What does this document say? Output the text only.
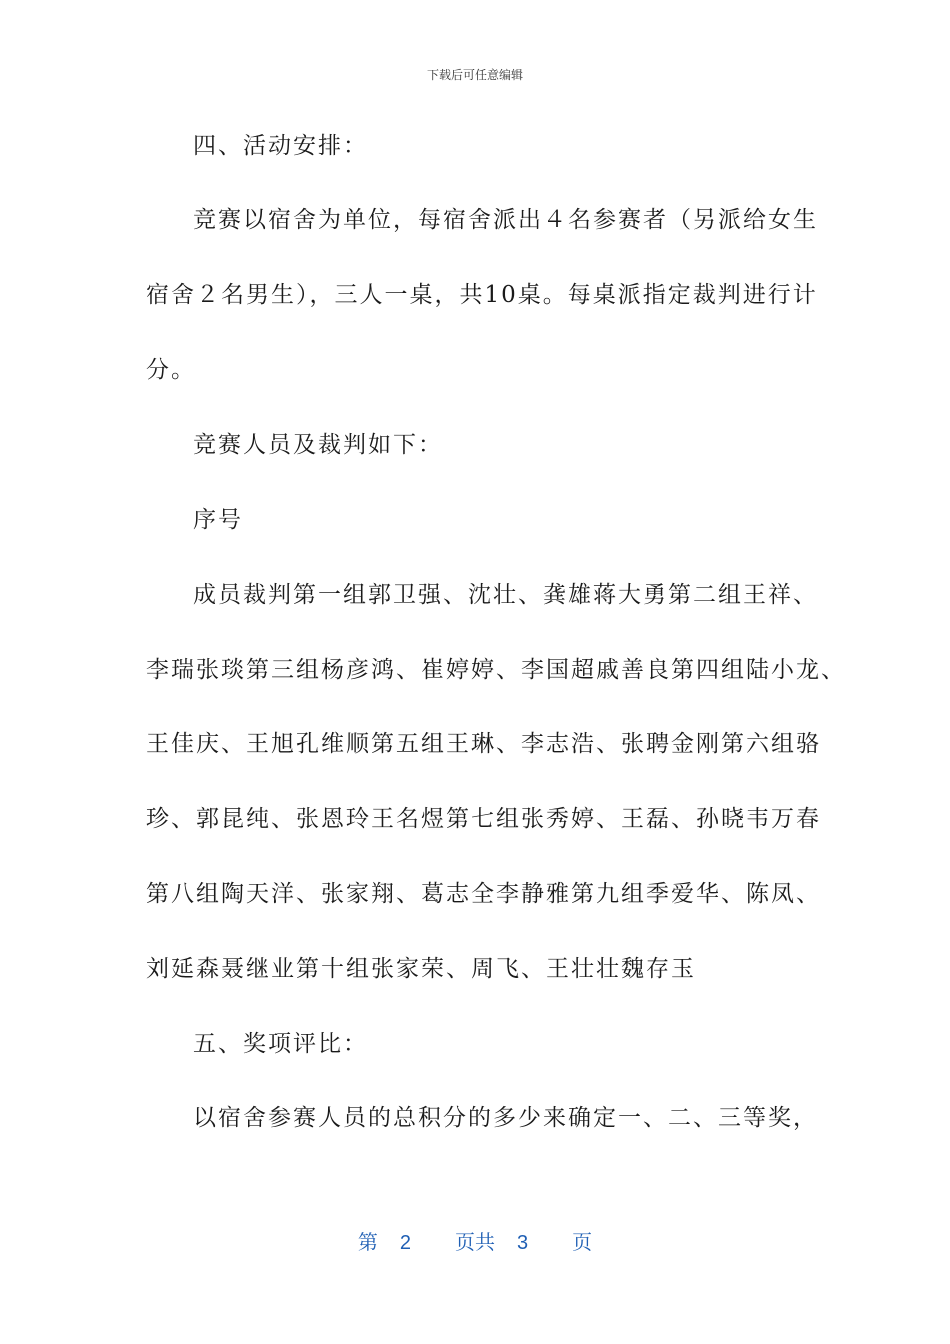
下载后可任意编辑
四、活动安排：
竞赛以宿舍为单位，每宿舍派出４名参赛者（另派给女生
宿舍２名男生），三人一桌，共10桌。每桌派指定裁判进行计
分。
竞赛人员及裁判如下：
序号
成员裁判第一组郭卫强、沈壮、龚雄蒋大勇第二组王祥、
李瑞张琰第三组杨彦鸿、崔婷婷、李国超戚善良第四组陆小龙、
王佳庆、王旭孔维顺第五组王琳、李志浩、张聘金刚第六组骆
珍、郭昆纯、张恩玲王名煜第七组张秀婷、王磊、孙晓韦万春
第八组陶天洋、张家翔、葛志全李静雅第九组季爱华、陈凤、
刘延森聂继业第十组张家荣、周飞、王壮壮魏存玉
五、奖项评比：
以宿舍参赛人员的总积分的多少来确定一、二、三等奖，
第 2 页共 3 页
